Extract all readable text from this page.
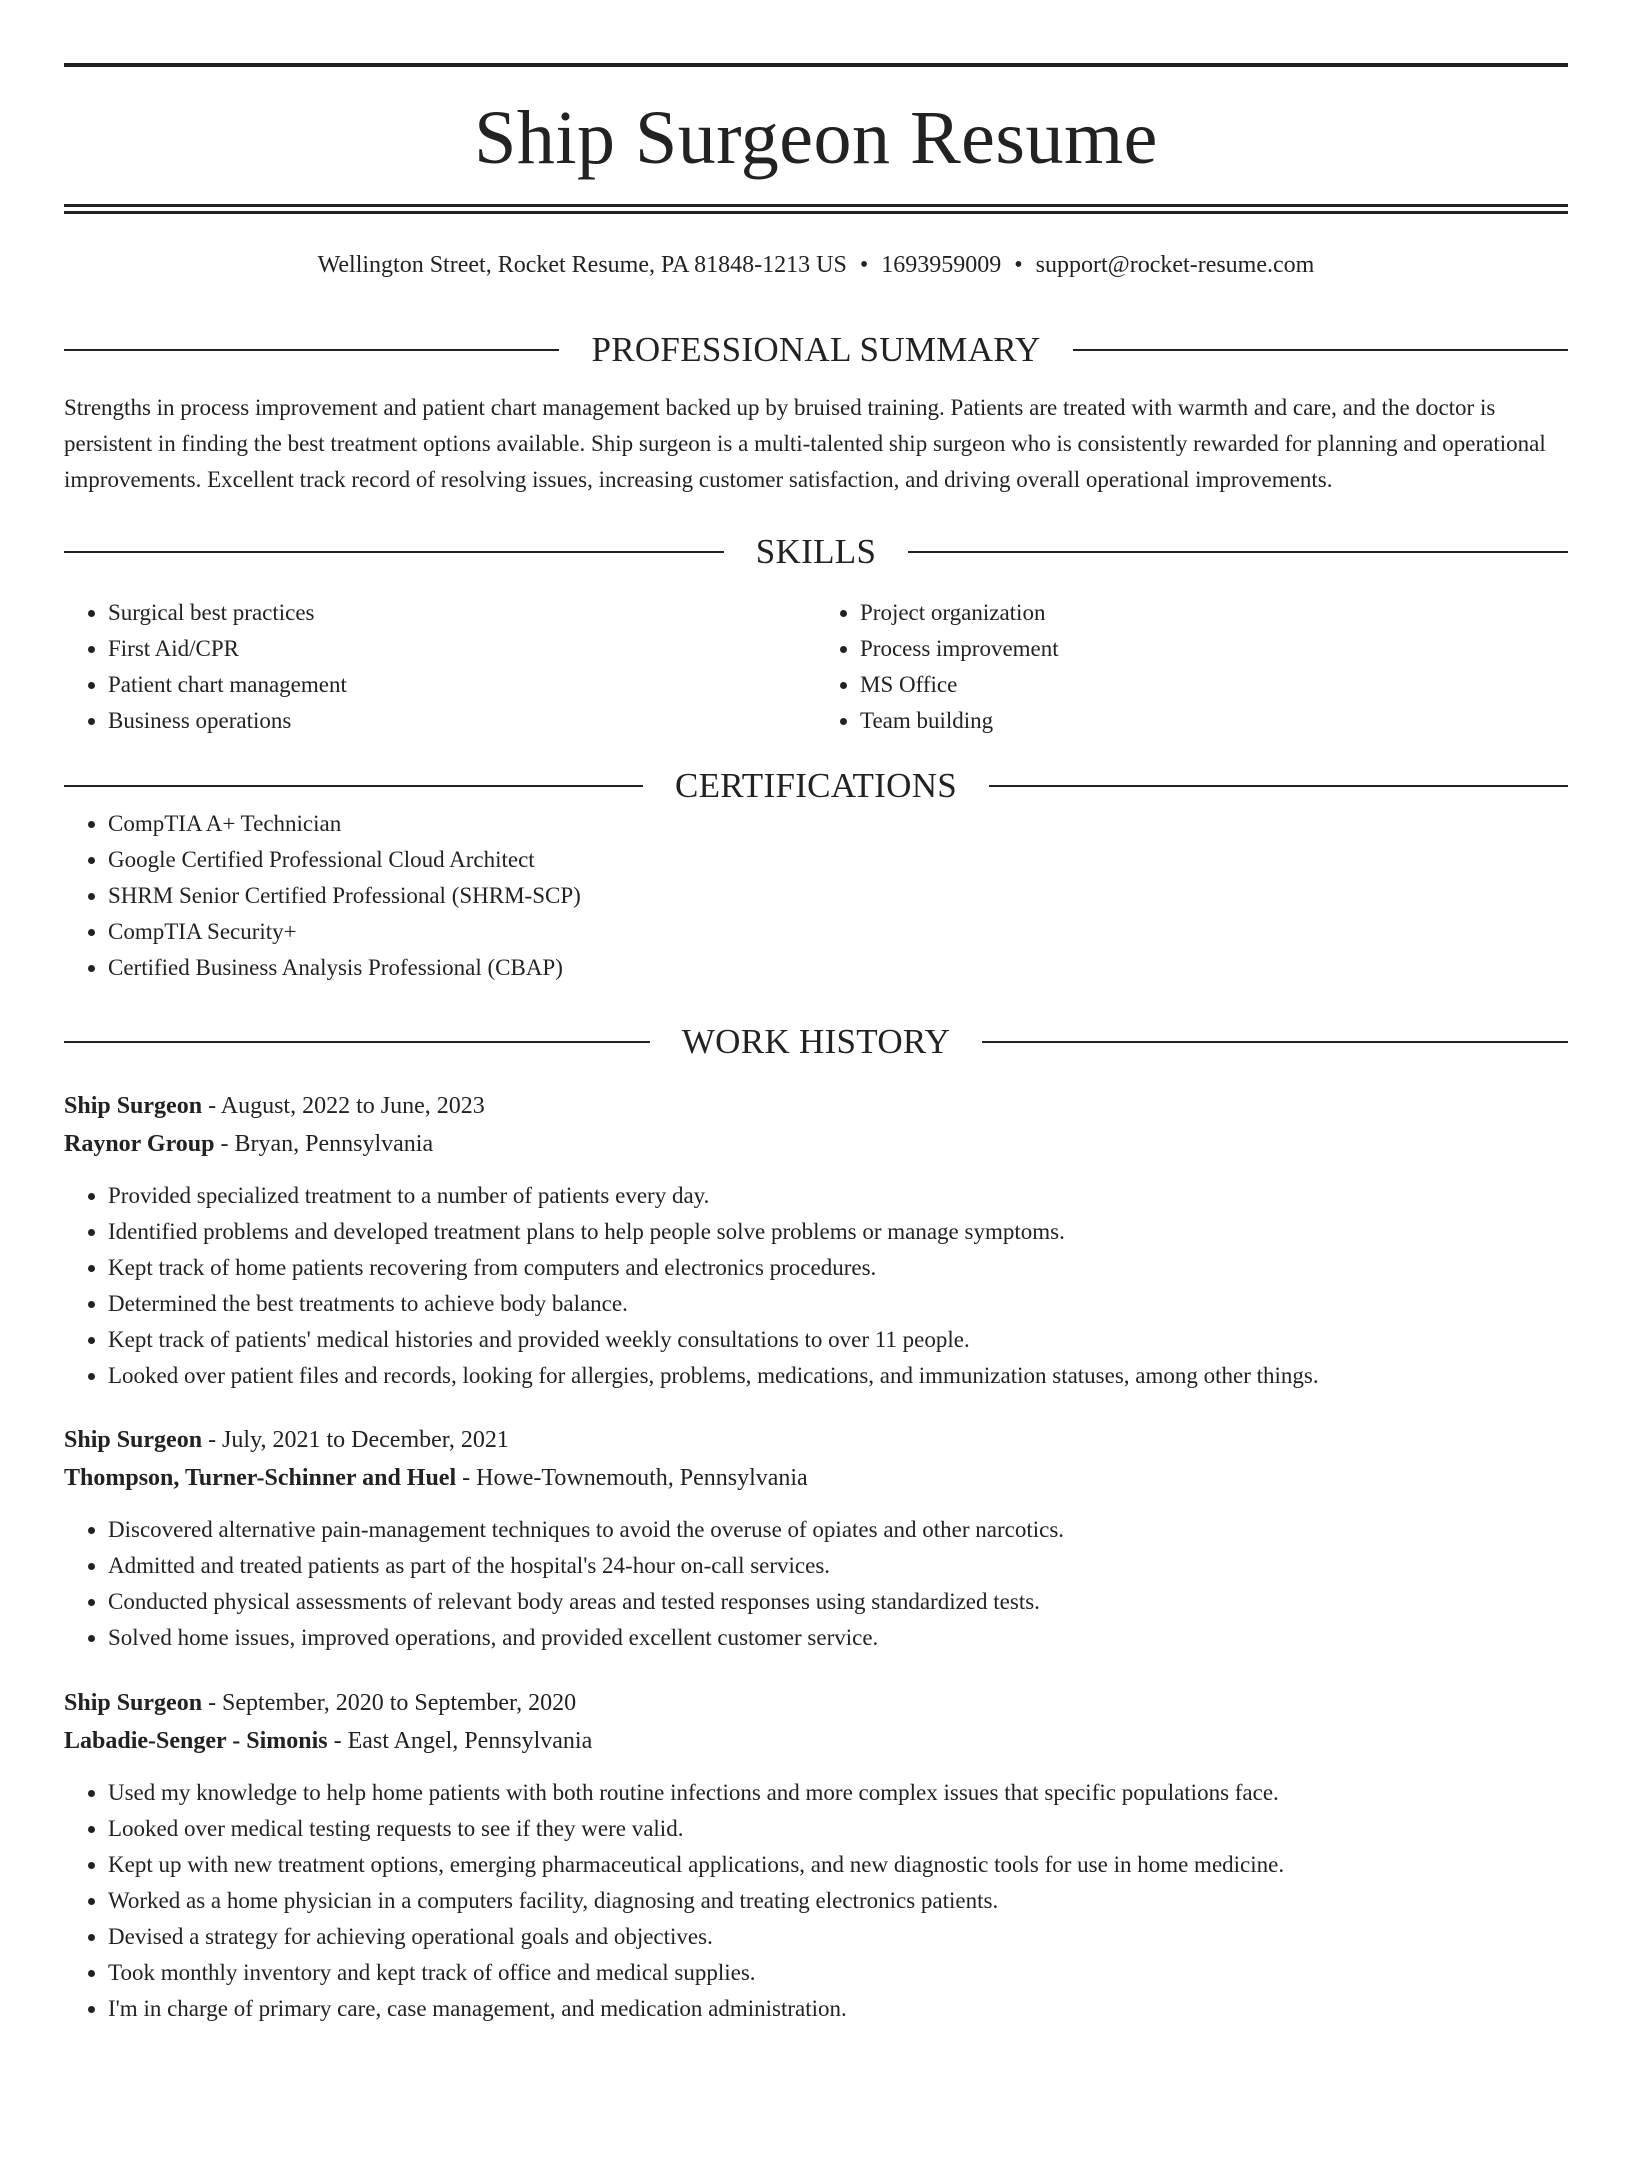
Ship Surgeon Resume
Wellington Street, Rocket Resume, PA 81848-1213 US • 1693959009 • support@rocket-resume.com
PROFESSIONAL SUMMARY
Strengths in process improvement and patient chart management backed up by bruised training. Patients are treated with warmth and care, and the doctor is persistent in finding the best treatment options available. Ship surgeon is a multi-talented ship surgeon who is consistently rewarded for planning and operational improvements. Excellent track record of resolving issues, increasing customer satisfaction, and driving overall operational improvements.
SKILLS
• Surgical best practices
• First Aid/CPR
• Patient chart management
• Business operations
• Project organization
• Process improvement
• MS Office
• Team building
CERTIFICATIONS
• CompTIA A+ Technician
• Google Certified Professional Cloud Architect
• SHRM Senior Certified Professional (SHRM-SCP)
• CompTIA Security+
• Certified Business Analysis Professional (CBAP)
WORK HISTORY
Ship Surgeon - August, 2022 to June, 2023
Raynor Group - Bryan, Pennsylvania
• Provided specialized treatment to a number of patients every day.
• Identified problems and developed treatment plans to help people solve problems or manage symptoms.
• Kept track of home patients recovering from computers and electronics procedures.
• Determined the best treatments to achieve body balance.
• Kept track of patients' medical histories and provided weekly consultations to over 11 people.
• Looked over patient files and records, looking for allergies, problems, medications, and immunization statuses, among other things.
Ship Surgeon - July, 2021 to December, 2021
Thompson, Turner-Schinner and Huel - Howe-Townemouth, Pennsylvania
• Discovered alternative pain-management techniques to avoid the overuse of opiates and other narcotics.
• Admitted and treated patients as part of the hospital's 24-hour on-call services.
• Conducted physical assessments of relevant body areas and tested responses using standardized tests.
• Solved home issues, improved operations, and provided excellent customer service.
Ship Surgeon - September, 2020 to September, 2020
Labadie-Senger - Simonis - East Angel, Pennsylvania
• Used my knowledge to help home patients with both routine infections and more complex issues that specific populations face.
• Looked over medical testing requests to see if they were valid.
• Kept up with new treatment options, emerging pharmaceutical applications, and new diagnostic tools for use in home medicine.
• Worked as a home physician in a computers facility, diagnosing and treating electronics patients.
• Devised a strategy for achieving operational goals and objectives.
• Took monthly inventory and kept track of office and medical supplies.
• I'm in charge of primary care, case management, and medication administration.
